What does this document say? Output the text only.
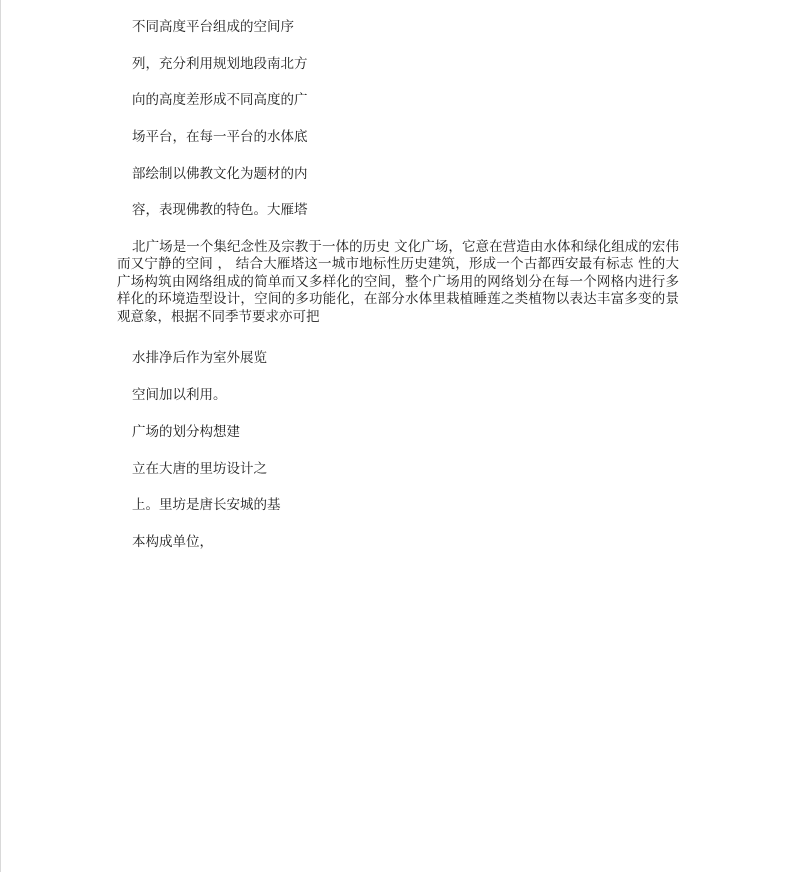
不同高度平台组成的空间序

列，充分利用规划地段南北方

向的高度差形成不同高度的广

场平台，在每一平台的水体底

部绘制以佛教文化为题材的内

容，表现佛教的特色。大雁塔

北广场是一个集纪念性及宗教于一体的历史 文化广场，它意在营造由水体和绿化组成的宏伟而又宁静的空间 ， 结合大雁塔这一城市地标性历史建筑，形成一个古都西安最有标志 性的大广场构筑由网络组成的简单而又多样化的空间，整个广场用的网络划分在每一个网格内进行多样化的环境造型设计，空间的多功能化，在部分水体里栽植睡莲之类植物以表达丰富多变的景观意象，根据不同季节要求亦可把

水排净后作为室外展览

空间加以利用。

广场的划分构想建

立在大唐的里坊设计之

上。里坊是唐长安城的基

本构成单位，
